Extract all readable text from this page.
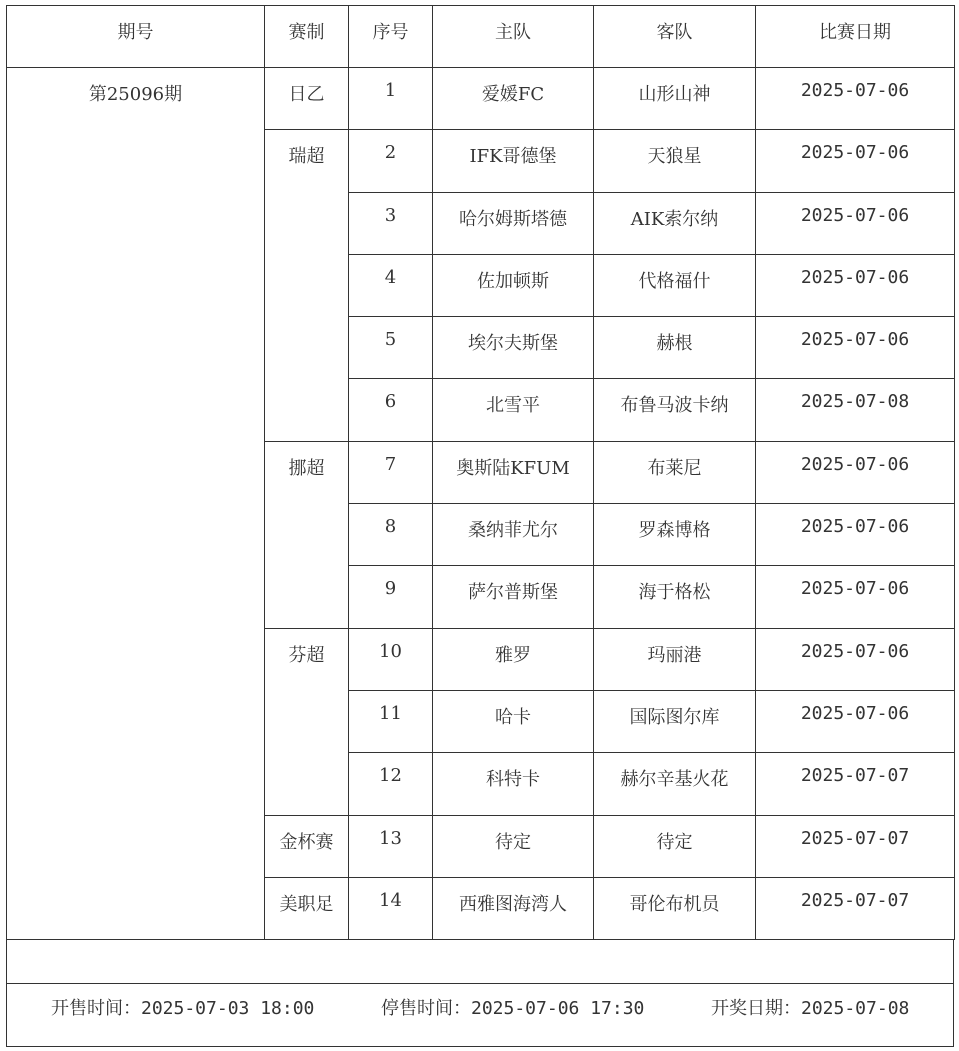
期号	赛制	序号	主队	客队	比赛日期
第25096期	日乙	1	爱媛FC	山形山神	2025-07-06
	瑞超	2	IFK哥德堡	天狼星	2025-07-06
		3	哈尔姆斯塔德	AIK索尔纳	2025-07-06
		4	佐加顿斯	代格福什	2025-07-06
		5	埃尔夫斯堡	赫根	2025-07-06
		6	北雪平	布鲁马波卡纳	2025-07-08
	挪超	7	奥斯陆KFUM	布莱尼	2025-07-06
		8	桑纳菲尤尔	罗森博格	2025-07-06
		9	萨尔普斯堡	海于格松	2025-07-06
	芬超	10	雅罗	玛丽港	2025-07-06
		11	哈卡	国际图尔库	2025-07-06
		12	科特卡	赫尔辛基火花	2025-07-07
	金杯赛	13	待定	待定	2025-07-07
	美职足	14	西雅图海湾人	哥伦布机员	2025-07-07
开售时间：2025-07-03 18:00	停售时间：2025-07-06 17:30	开奖日期：2025-07-08
